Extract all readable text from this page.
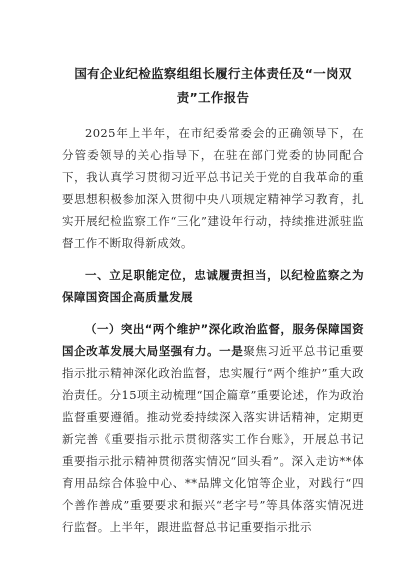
国有企业纪检监察组组长履行主体责任及“一岗双责”工作报告

2025年上半年，在市纪委常委会的正确领导下，在分管委领导的关心指导下，在驻在部门党委的协同配合下，我认真学习贯彻习近平总书记关于党的自我革命的重要思想积极参加深入贯彻中央八项规定精神学习教育，扎实开展纪检监察工作“三化”建设年行动，持续推进派驻监督工作不断取得新成效。

一、立足职能定位，忠诚履责担当，以纪检监察之为保障国资国企高质量发展

（一）突出“两个维护”深化政治监督，服务保障国资国企改革发展大局坚强有力。一是聚焦习近平总书记重要指示批示精神深化政治监督，忠实履行“两个维护”重大政治责任。分15项主动梳理“国企篇章”重要论述，作为政治监督重要遵循。推动党委持续深入落实讲话精神，定期更新完善《重要指示批示贯彻落实工作台账》，开展总书记重要指示批示精神贯彻落实情况“回头看”。深入走访**体育用品综合体验中心、**品牌文化馆等企业，对践行“四个善作善成”重要要求和振兴“老字号”等具体落实情况进行监督。上半年，跟进监督总书记重要指示批示
